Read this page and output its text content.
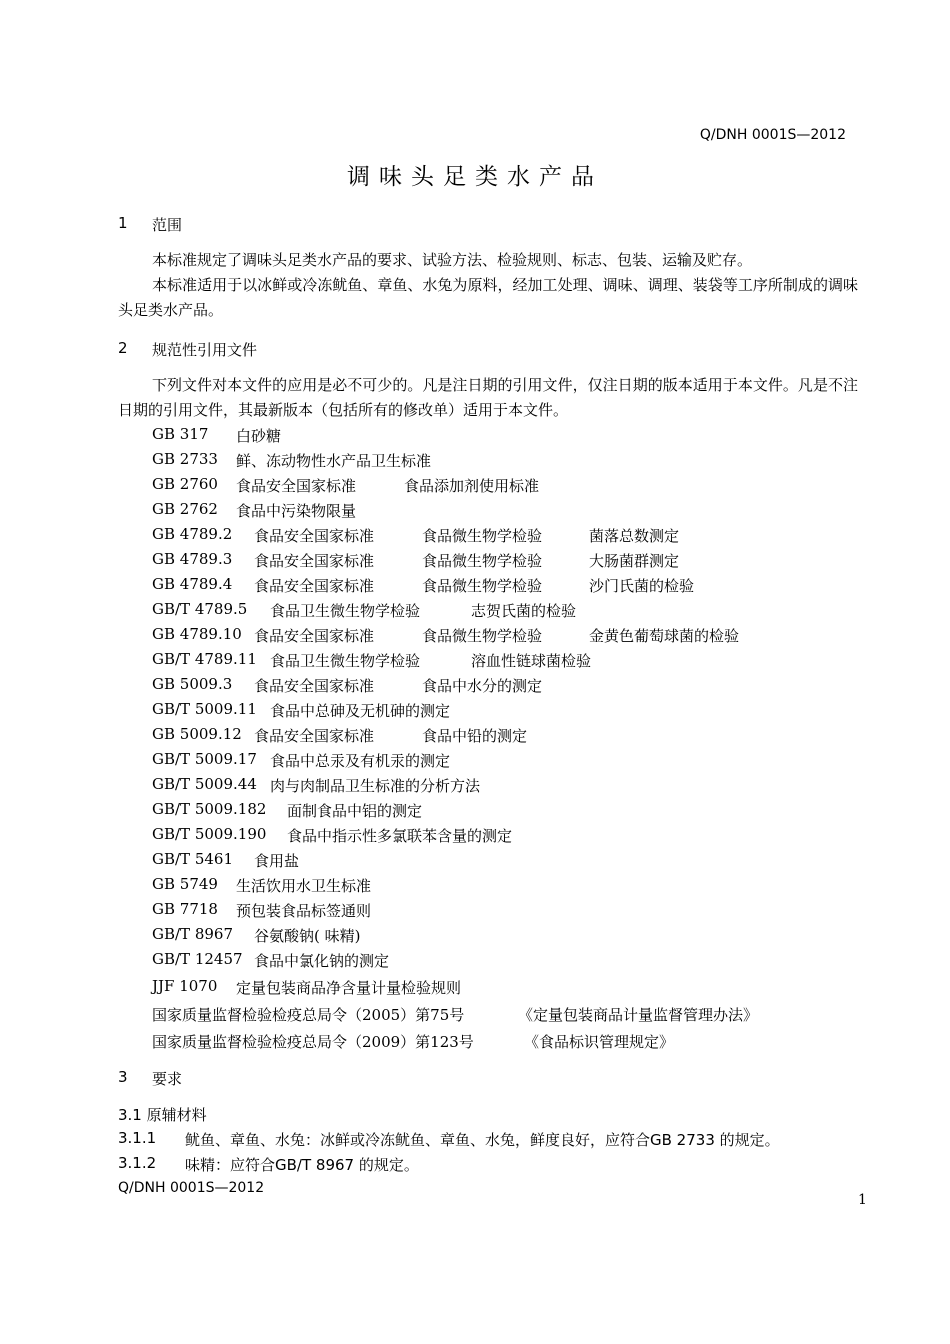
Q/DNH 0001S—2012
调味头足类水产品
1 范围
本标准规定了调味头足类水产品的要求、试验方法、检验规则、标志、包装、运输及贮存。
本标准适用于以冰鲜或冷冻鱿鱼、章鱼、水兔为原料，经加工处理、调味、调理、装袋等工序所制成的调味头足类水产品。
2 规范性引用文件
下列文件对本文件的应用是必不可少的。凡是注日期的引用文件，仅注日期的版本适用于本文件。凡是不注日期的引用文件，其最新版本（包括所有的修改单）适用于本文件。
GB 317 白砂糖
GB 2733 鲜、冻动物性水产品卫生标准
GB 2760 食品安全国家标准	食品添加剂使用标准
GB 2762 食品中污染物限量
GB 4789.2 食品安全国家标准	食品微生物学检验	菌落总数测定
GB 4789.3 食品安全国家标准	食品微生物学检验	大肠菌群测定
GB 4789.4 食品安全国家标准	食品微生物学检验	沙门氏菌的检验
GB/T 4789.5 食品卫生微生物学检验	志贺氏菌的检验
GB 4789.10 食品安全国家标准	食品微生物学检验	金黄色葡萄球菌的检验
GB/T 4789.11 食品卫生微生物学检验	溶血性链球菌检验
GB 5009.3 食品安全国家标准	食品中水分的测定
GB/T 5009.11 食品中总砷及无机砷的测定
GB 5009.12 食品安全国家标准	食品中铅的测定
GB/T 5009.17 食品中总汞及有机汞的测定
GB/T 5009.44 肉与肉制品卫生标准的分析方法
GB/T 5009.182 面制食品中铝的测定
GB/T 5009.190 食品中指示性多氯联苯含量的测定
GB/T 5461 食用盐
GB 5749 生活饮用水卫生标准
GB 7718 预包装食品标签通则
GB/T 8967 谷氨酸钠( 味精)
GB/T 12457 食品中氯化钠的测定
JJF 1070 定量包装商品净含量计量检验规则
国家质量监督检验检疫总局令（2005）第75号	《定量包装商品计量监督管理办法》
国家质量监督检验检疫总局令（2009）第123号	《食品标识管理规定》
3 要求
3.1 原辅材料
3.1.1 鱿鱼、章鱼、水兔：冰鲜或冷冻鱿鱼、章鱼、水兔，鲜度良好，应符合GB 2733 的规定。
3.1.2 味精：应符合GB/T 8967 的规定。
Q/DNH 0001S—2012
1
